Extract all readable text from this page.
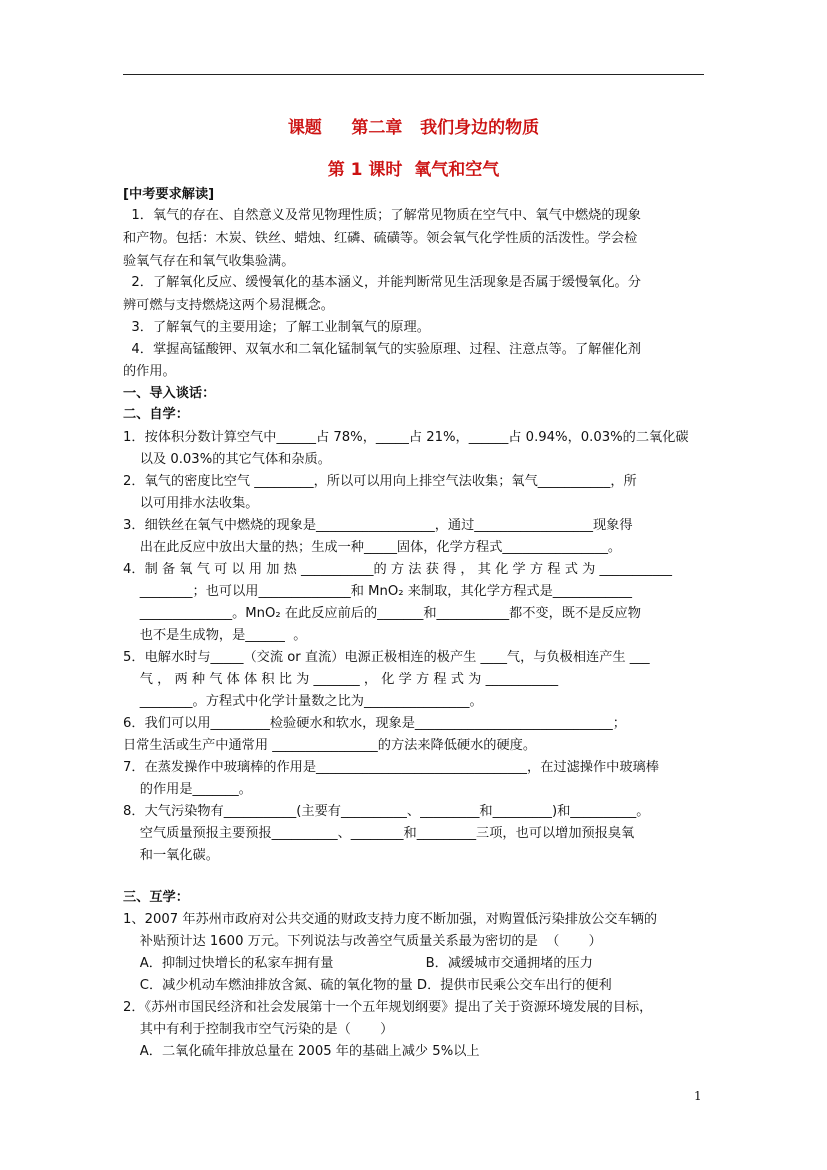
课题     第二章   我们身边的物质
第 1 课时  氧气和空气
[中考要求解读]
1．氧气的存在、自然意义及常见物理性质；了解常见物质在空气中、氧气中燃烧的现象
和产物。包括：木炭、铁丝、蜡烛、红磷、硫磺等。领会氧气化学性质的活泼性。学会检
验氧气存在和氧气收集验满。
2．了解氧化反应、缓慢氧化的基本涵义，并能判断常见生活现象是否属于缓慢氧化。分
辨可燃与支持燃烧这两个易混概念。
3．了解氧气的主要用途；了解工业制氧气的原理。
4．掌握高锰酸钾、双氧水和二氧化锰制氧气的实验原理、过程、注意点等。了解催化剂
的作用。
一、导入谈话：
二、自学：
1．按体积分数计算空气中______占 78%，_____占 21%，______占 0.94%，0.03%的二氧化碳
以及 0.03%的其它气体和杂质。
2．氧气的密度比空气 _________，所以可以用向上排空气法收集；氧气___________，所
以可用排水法收集。
3．细铁丝在氧气中燃烧的现象是__________________，通过__________________现象得
出在此反应中放出大量的热；生成一种_____固体，化学方程式________________。
4．制 备 氧 气 可 以 用 加 热 ___________的 方 法 获 得 ， 其 化 学 方 程 式 为 ___________
________；也可以用______________和 MnO₂ 来制取，其化学方程式是____________
______________。MnO₂ 在此反应前后的_______和___________都不变，既不是反应物
也不是生成物，是______  。
5．电解水时与_____（交流 or 直流）电源正极相连的极产生 ____气，与负极相连产生 ___
气 ， 两 种 气 体 体 积 比 为 _______ ， 化 学 方 程 式 为 ___________
________。方程式中化学计量数之比为________________。
6．我们可以用_________检验硬水和软水，现象是______________________________；
日常生活或生产中通常用 ________________的方法来降低硬水的硬度。
7．在蒸发操作中玻璃棒的作用是________________________________，在过滤操作中玻璃棒
的作用是_______。
8．大气污染物有___________(主要有__________、_________和_________)和__________。
空气质量预报主要预报__________、________和_________三项，也可以增加预报臭氧
和一氧化碳。
三、互学：
1、2007 年苏州市政府对公共交通的财政支持力度不断加强，对购置低污染排放公交车辆的
补贴预计达 1600 万元。下列说法与改善空气质量关系最为密切的是  （       ）
A．抑制过快增长的私家车拥有量                      B．减缓城市交通拥堵的压力
C．减少机动车燃油排放含氮、硫的氧化物的量 D．提供市民乘公交车出行的便利
2．《苏州市国民经济和社会发展第十一个五年规划纲要》提出了关于资源环境发展的目标，
其中有利于控制我市空气污染的是（       ）
A．二氧化硫年排放总量在 2005 年的基础上减少 5%以上
1
